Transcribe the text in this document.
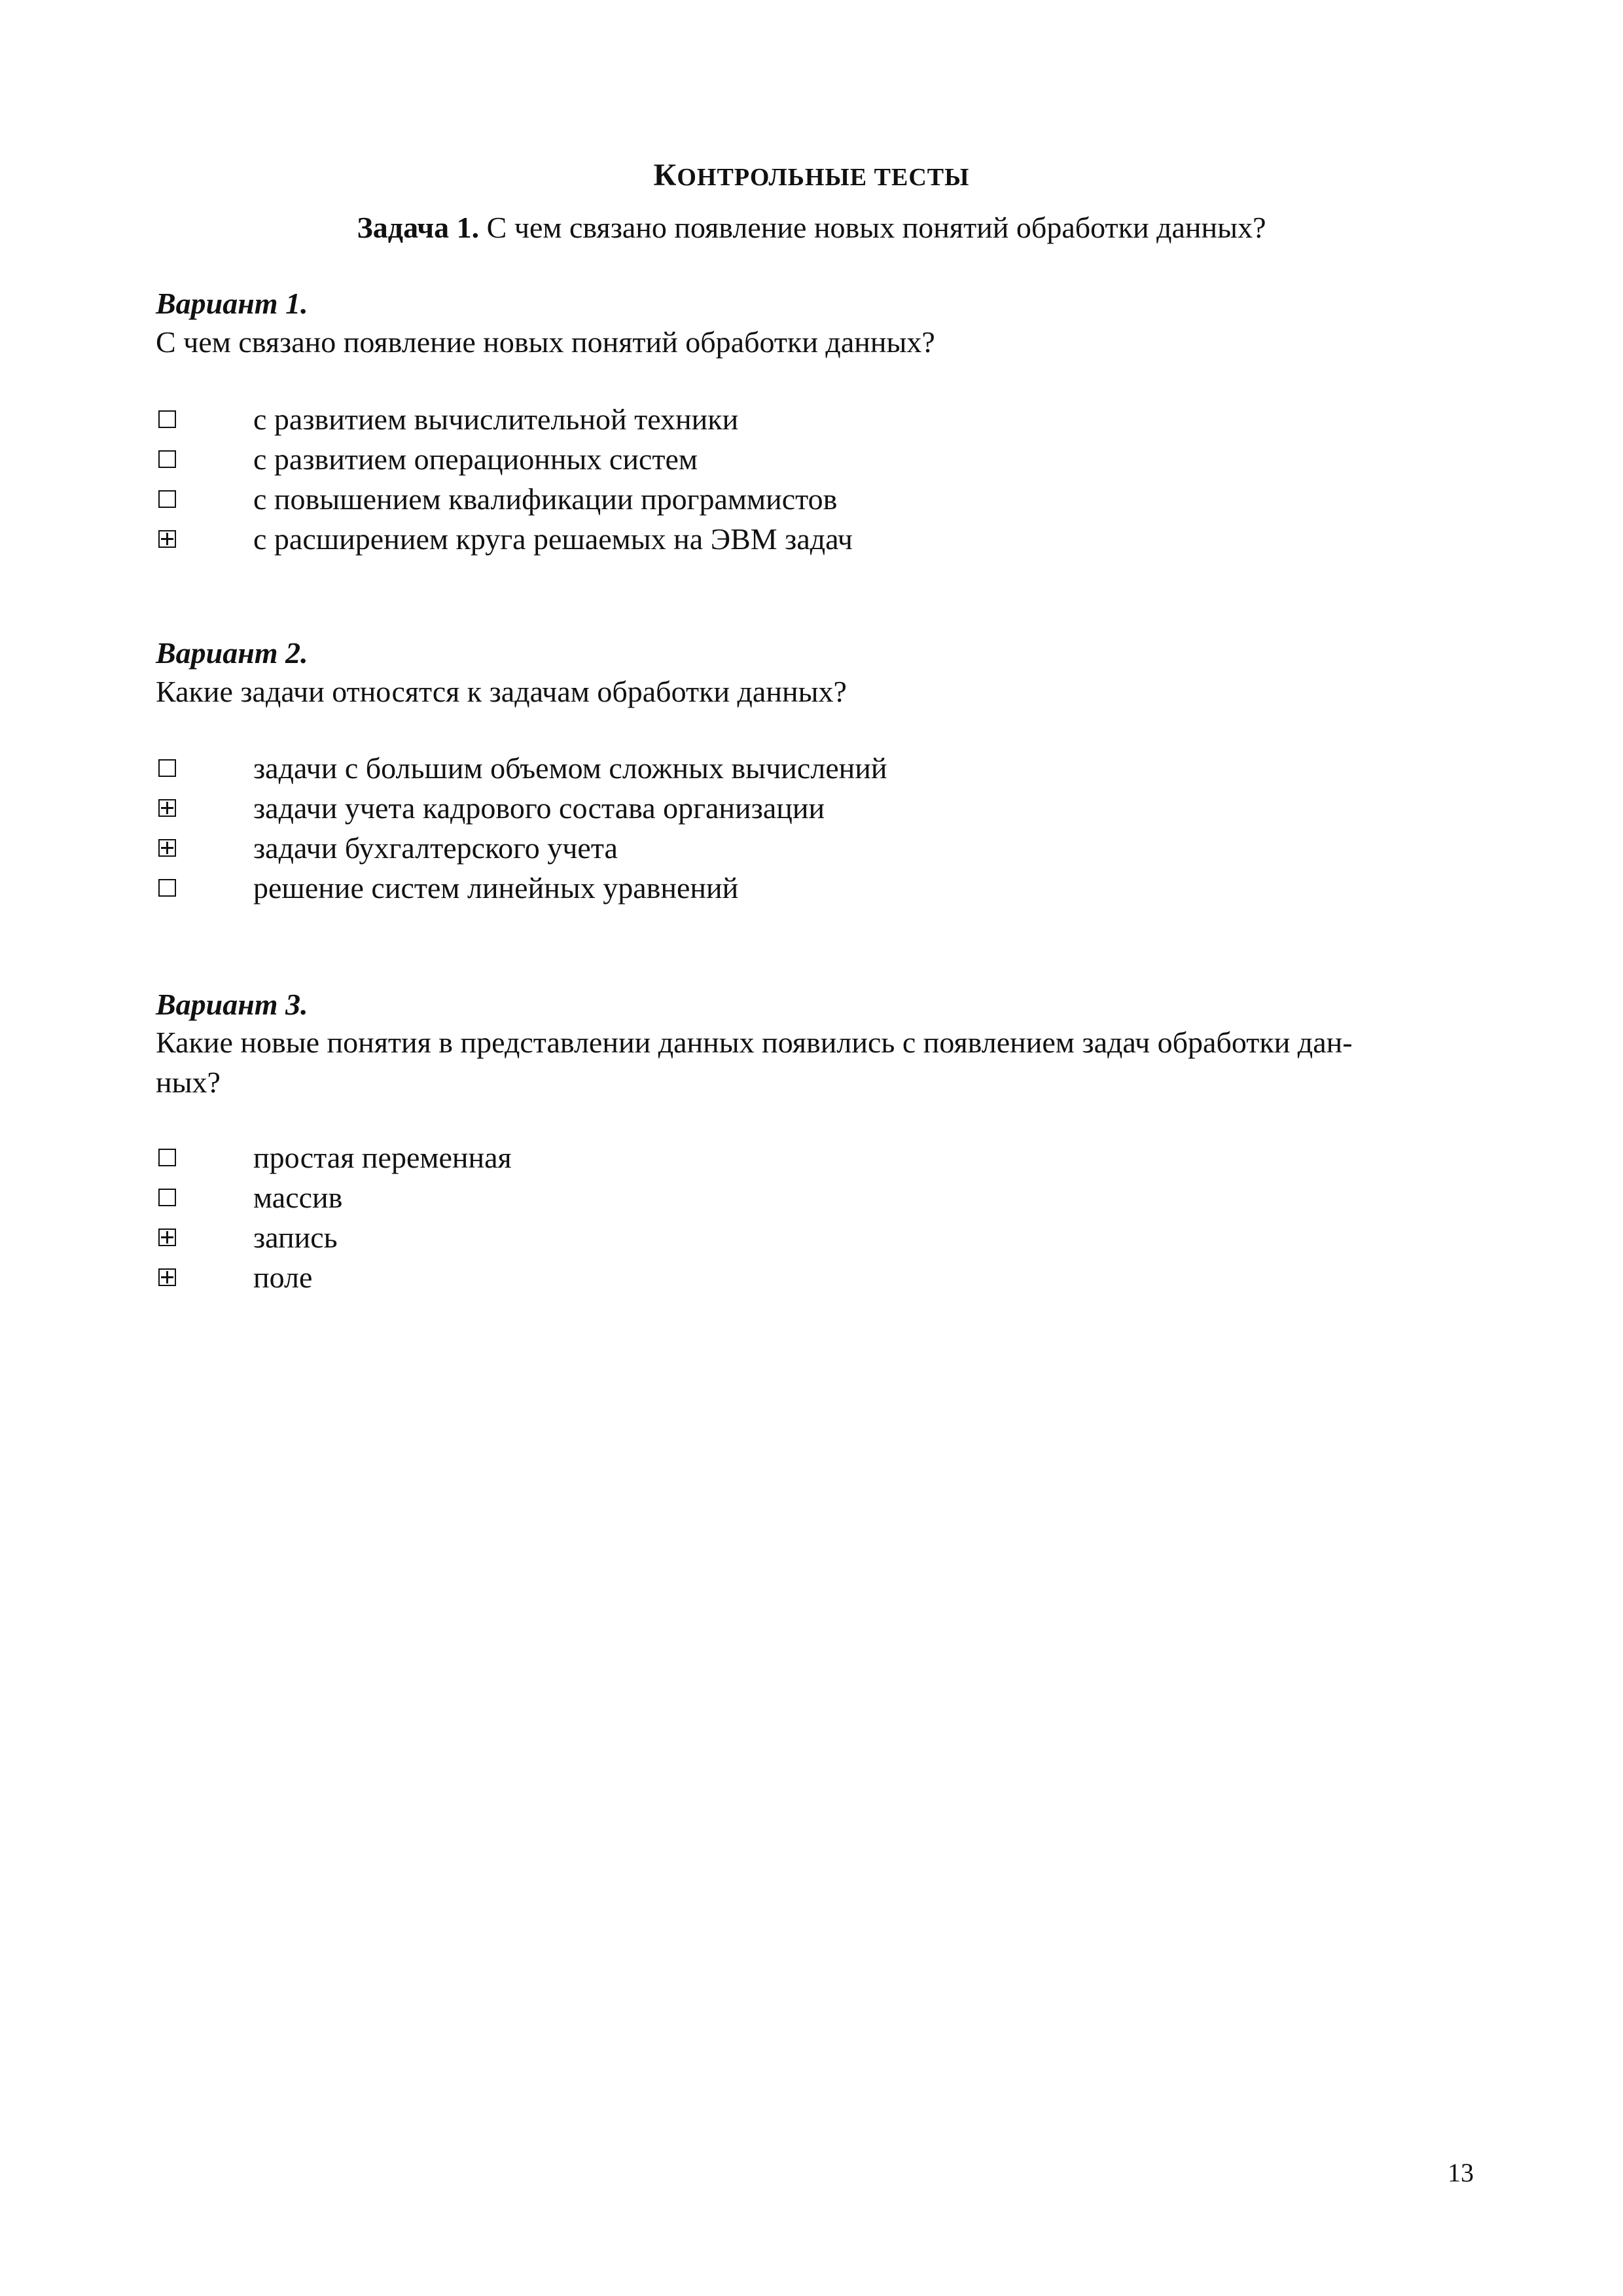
КОНТРОЛЬНЫЕ ТЕСТЫ
Задача 1. С чем связано появление новых понятий обработки данных?
Вариант 1.
С чем связано появление новых понятий обработки данных?
с развитием вычислительной техники
с развитием операционных систем
с повышением квалификации программистов
с расширением круга решаемых на ЭВМ задач
Вариант 2.
Какие задачи относятся к задачам обработки данных?
задачи с большим объемом сложных вычислений
задачи учета кадрового состава организации
задачи бухгалтерского учета
решение систем линейных уравнений
Вариант 3.
Какие новые понятия в представлении данных появились с появлением задач обработки дан-
ных?
простая переменная
массив
запись
поле
13
